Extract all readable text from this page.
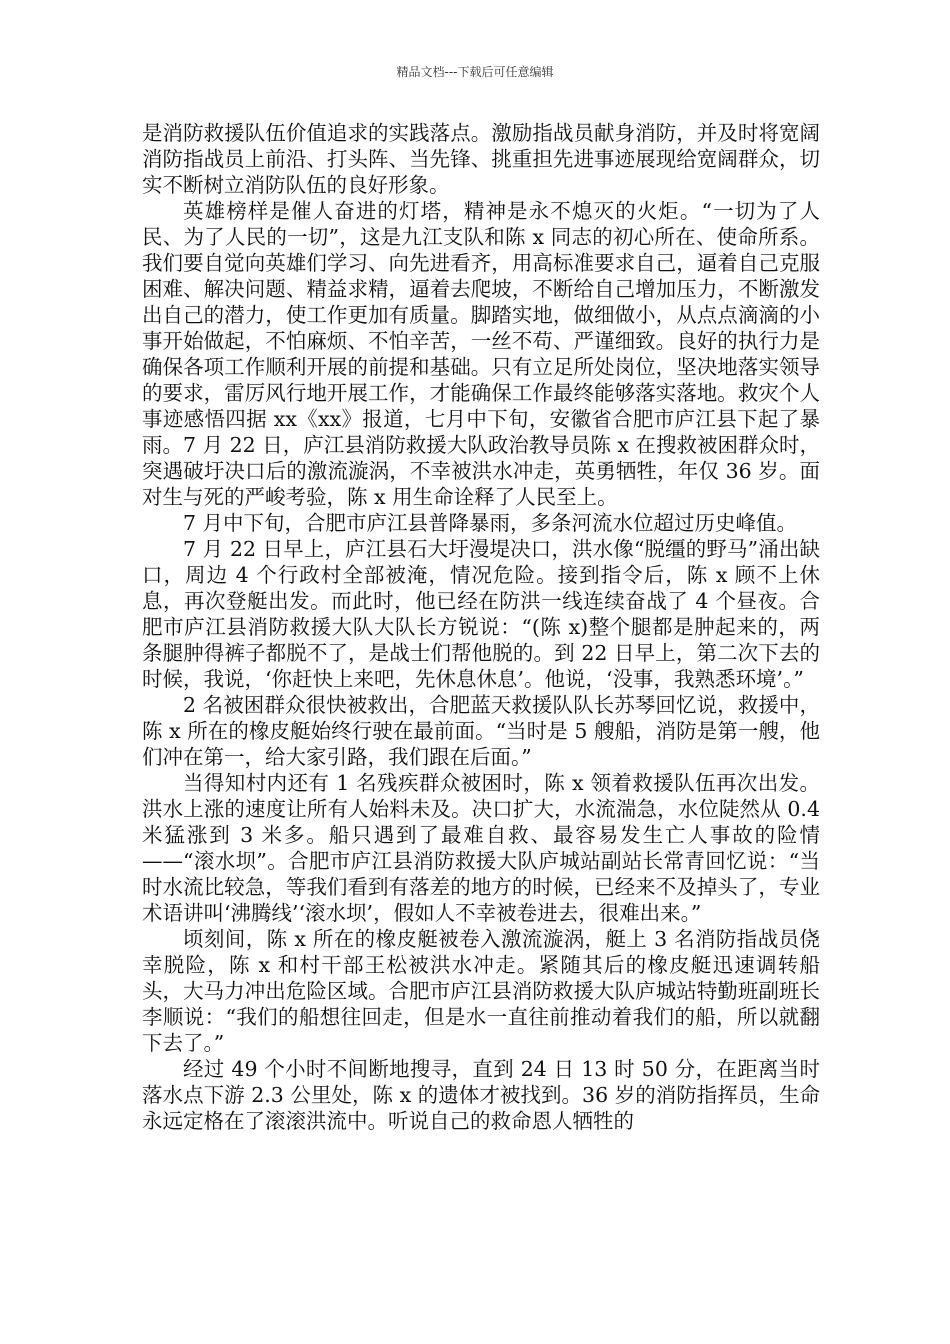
精品文档---下载后可任意编辑

是消防救援队伍价值追求的实践落点。激励指战员献身消防，并及时将宽阔消防指战员上前沿、打头阵、当先锋、挑重担先进事迹展现给宽阔群众，切实不断树立消防队伍的良好形象。

英雄榜样是催人奋进的灯塔，精神是永不熄灭的火炬。“一切为了人民、为了人民的一切”，这是九江支队和陈 x 同志的初心所在、使命所系。我们要自觉向英雄们学习、向先进看齐，用高标准要求自己，逼着自己克服困难、解决问题、精益求精，逼着去爬坡，不断给自己增加压力，不断激发出自己的潜力，使工作更加有质量。脚踏实地，做细做小，从点点滴滴的小事开始做起，不怕麻烦、不怕辛苦，一丝不苟、严谨细致。良好的执行力是确保各项工作顺利开展的前提和基础。只有立足所处岗位，坚决地落实领导的要求，雷厉风行地开展工作，才能确保工作最终能够落实落地。救灾个人事迹感悟四据 xx《xx》报道，七月中下旬，安徽省合肥市庐江县下起了暴雨。7 月 22 日，庐江县消防救援大队政治教导员陈 x 在搜救被困群众时，突遇破圩决口后的激流漩涡，不幸被洪水冲走，英勇牺牲，年仅 36 岁。面对生与死的严峻考验，陈 x 用生命诠释了人民至上。

7 月中下旬，合肥市庐江县普降暴雨，多条河流水位超过历史峰值。

7 月 22 日早上，庐江县石大圩漫堤决口，洪水像“脱缰的野马”涌出缺口，周边 4 个行政村全部被淹，情况危险。接到指令后，陈 x 顾不上休息，再次登艇出发。而此时，他已经在防洪一线连续奋战了 4 个昼夜。合肥市庐江县消防救援大队大队长方锐说：“(陈 x)整个腿都是肿起来的，两条腿肿得裤子都脱不了，是战士们帮他脱的。到 22 日早上，第二次下去的时候，我说，‘你赶快上来吧，先休息休息’。他说，‘没事，我熟悉环境’。”

2 名被困群众很快被救出，合肥蓝天救援队队长苏琴回忆说，救援中，陈 x 所在的橡皮艇始终行驶在最前面。“当时是 5 艘船，消防是第一艘，他们冲在第一，给大家引路，我们跟在后面。”

当得知村内还有 1 名残疾群众被困时，陈 x 领着救援队伍再次出发。洪水上涨的速度让所有人始料未及。决口扩大，水流湍急，水位陡然从 0.4 米猛涨到 3 米多。船只遇到了最难自救、最容易发生亡人事故的险情——“滚水坝”。合肥市庐江县消防救援大队庐城站副站长常青回忆说：“当时水流比较急，等我们看到有落差的地方的时候，已经来不及掉头了，专业术语讲叫‘沸腾线’‘滚水坝’，假如人不幸被卷进去，很难出来。”

顷刻间，陈 x 所在的橡皮艇被卷入激流漩涡，艇上 3 名消防指战员侥幸脱险，陈 x 和村干部王松被洪水冲走。紧随其后的橡皮艇迅速调转船头，大马力冲出危险区域。合肥市庐江县消防救援大队庐城站特勤班副班长李顺说：“我们的船想往回走，但是水一直往前推动着我们的船，所以就翻下去了。”

经过 49 个小时不间断地搜寻，直到 24 日 13 时 50 分，在距离当时落水点下游 2.3 公里处，陈 x 的遗体才被找到。36 岁的消防指挥员，生命永远定格在了滚滚洪流中。听说自己的救命恩人牺牲的
